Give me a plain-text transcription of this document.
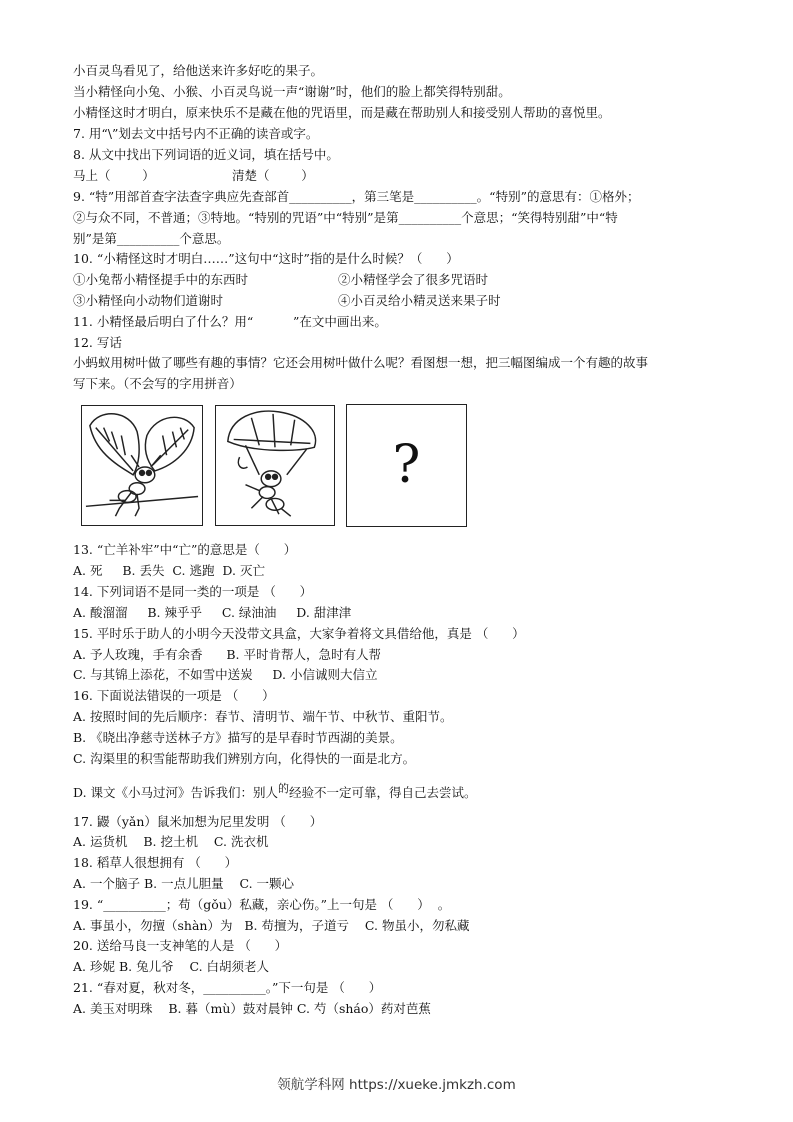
小百灵鸟看见了，给他送来许多好吃的果子。
当小精怪向小兔、小猴、小百灵鸟说一声“谢谢”时，他们的脸上都笑得特别甜。
小精怪这时才明白，原来快乐不是藏在他的咒语里，而是藏在帮助别人和接受别人帮助的喜悦里。
7. 用“\”划去文中括号内不正确的读音或字。
8. 从文中找出下列词语的近义词，填在括号中。
马上（        ）	清楚（        ）
9. “特”用部首查字法查字典应先查部首__________，第三笔是__________。“特别”的意思有：①格外；
②与众不同，不普通；③特地。“特别的咒语”中“特别”是第__________个意思；“笑得特别甜”中“特
别”是第__________个意思。
10. “小精怪这时才明白……”这句中“这时”指的是什么时候？（      ）
①小兔帮小精怪提手中的东西时	②小精怪学会了很多咒语时
③小精怪向小动物们道谢时	④小百灵给小精灵送来果子时
11. 小精怪最后明白了什么？用“          ”在文中画出来。
12. 写话
小蚂蚁用树叶做了哪些有趣的事情？它还会用树叶做什么呢？看图想一想，把三幅图编成一个有趣的故事
写下来。（不会写的字用拼音）
?
13. “亡羊补牢”中“亡”的意思是（      ）
A. 死     B. 丢失  C. 逃跑  D. 灭亡
14. 下列词语不是同一类的一项是 （      ）
A. 酸溜溜     B. 辣乎乎     C. 绿油油     D. 甜津津
15. 平时乐于助人的小明今天没带文具盒，大家争着将文具借给他，真是 （      ）
A. 予人玫瑰，手有余香      B. 平时肯帮人，急时有人帮
C. 与其锦上添花，不如雪中送炭     D. 小信诚则大信立
16. 下面说法错误的一项是 （      ）
A. 按照时间的先后顺序：春节、清明节、端午节、中秋节、重阳节。
B. 《晓出净慈寺送林子方》描写的是早春时节西湖的美景。
C. 沟渠里的积雪能帮助我们辨别方向，化得快的一面是北方。
D. 课文《小马过河》告诉我们：别人的经验不一定可靠，得自己去尝试。
17. 鼹（yǎn）鼠米加想为尼里发明 （      ）
A. 运货机    B. 挖土机    C. 洗衣机
18. 稻草人很想拥有 （      ）
A. 一个脑子 B. 一点儿胆量    C. 一颗心
19. “__________；苟（gǒu）私藏，亲心伤。”上一句是 （      ）  。
A. 事虽小，勿擅（shàn）为   B. 苟擅为，子道亏    C. 物虽小，勿私藏
20. 送给马良一支神笔的人是 （      ）
A. 珍妮 B. 兔儿爷    C. 白胡须老人
21. “春对夏，秋对冬，__________。”下一句是 （      ）
A. 美玉对明珠    B. 暮（mù）鼓对晨钟 C. 芍（sháo）药对芭蕉
领航学科网 https://xueke.jmkzh.com
